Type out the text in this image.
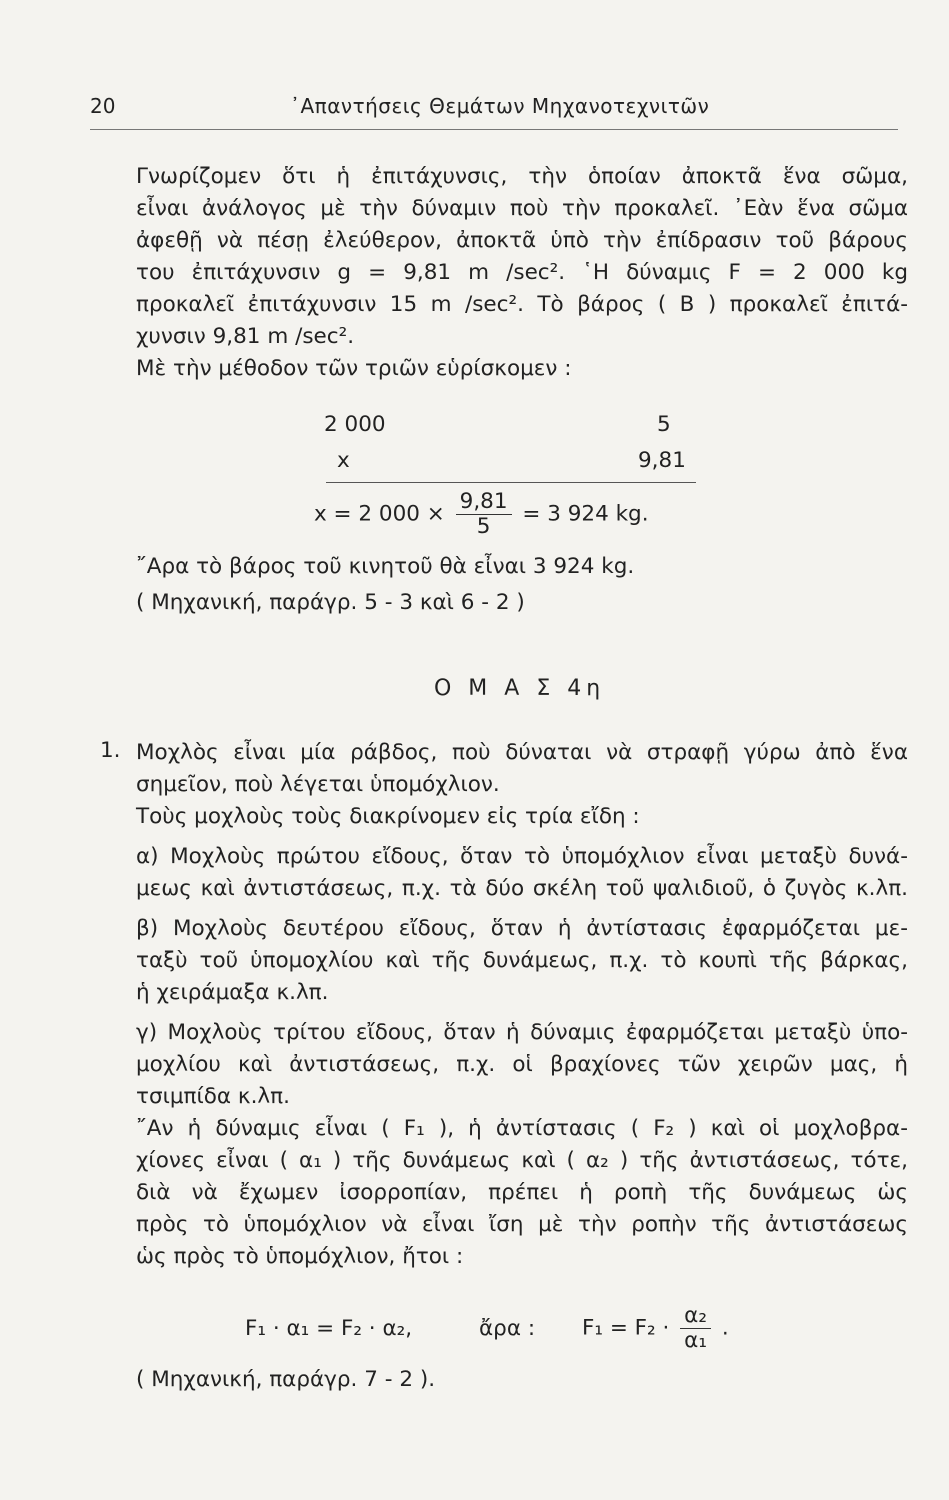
20	᾿Απαντήσεις Θεμάτων Μηχανοτεχνιτῶν
Γνωρίζομεν ὅτι ἡ ἐπιτάχυνσις, τὴν ὁποίαν ἀποκτᾶ ἕνα σῶμα,
εἶναι ἀνάλογος μὲ τὴν δύναμιν ποὺ τὴν προκαλεῖ. ᾿Εὰν ἕνα σῶμα
ἀφεθῇ νὰ πέσῃ ἐλεύθερον, ἀποκτᾶ ὑπὸ τὴν ἐπίδρασιν τοῦ βάρους
του ἐπιτάχυνσιν g = 9,81 m /sec². ῾Η δύναμις F = 2 000 kg
προκαλεῖ ἐπιτάχυνσιν 15 m /sec². Τὸ βάρος ( B ) προκαλεῖ ἐπιτά-
χυνσιν 9,81 m /sec².
Μὲ τὴν μέθοδον τῶν τριῶν εὑρίσκομεν :
2 000	5
x	9,81
x = 2 $000 \times \frac{9,81}{5} = 3$ 924 kg.
῎Αρα τὸ βάρος τοῦ κινητοῦ θὰ εἶναι 3 924 kg.
( Μηχανική, παράγρ. 5 - 3 καὶ 6 - 2 )
Ο Μ Α Σ 4η
1. Μοχλὸς εἶναι μία ράβδος, ποὺ δύναται νὰ στραφῇ γύρω ἀπὸ ἕνα
σημεῖον, ποὺ λέγεται ὑπομόχλιον.
Τοὺς μοχλοὺς τοὺς διακρίνομεν εἰς τρία εἴδη :
α) Μοχλοὺς πρώτου εἴδους, ὅταν τὸ ὑπομόχλιον εἶναι μεταξὺ δυνά-
μεως καὶ ἀντιστάσεως, π.χ. τὰ δύο σκέλη τοῦ ψαλιδιοῦ, ὁ ζυγὸς κ.λπ.
β) Μοχλοὺς δευτέρου εἴδους, ὅταν ἡ ἀντίστασις ἐφαρμόζεται με-
ταξὺ τοῦ ὑπομοχλίου καὶ τῆς δυνάμεως, π.χ. τὸ κουπὶ τῆς βάρκας,
ἡ χειράμαξα κ.λπ.
γ) Μοχλοὺς τρίτου εἴδους, ὅταν ἡ δύναμις ἐφαρμόζεται μεταξὺ ὑπο-
μοχλίου καὶ ἀντιστάσεως, π.χ. οἱ βραχίονες τῶν χειρῶν μας, ἡ
τσιμπίδα κ.λπ.
῎Αν ἡ δύναμις εἶναι ( F₁ ), ἡ ἀντίστασις ( F₂ ) καὶ οἱ μοχλοβρα-
χίονες εἶναι ( α₁ ) τῆς δυνάμεως καὶ ( α₂ ) τῆς ἀντιστάσεως, τότε,
διὰ νὰ ἔχωμεν ἰσορροπίαν, πρέπει ἡ ροπὴ τῆς δυνάμεως ὡς
πρὸς τὸ ὑπομόχλιον νὰ εἶναι ἴση μὲ τὴν ροπὴν τῆς ἀντιστάσεως
ὡς πρὸς τὸ ὑπομόχλιον, ἤτοι :
F₁ · α₁ = F₂ · α₂,	ἄρα : $F_1 = F_2 \cdot \frac{\text{α₂}}{\text{α₁}}$ .
( Μηχανική, παράγρ. 7 - 2 ).
